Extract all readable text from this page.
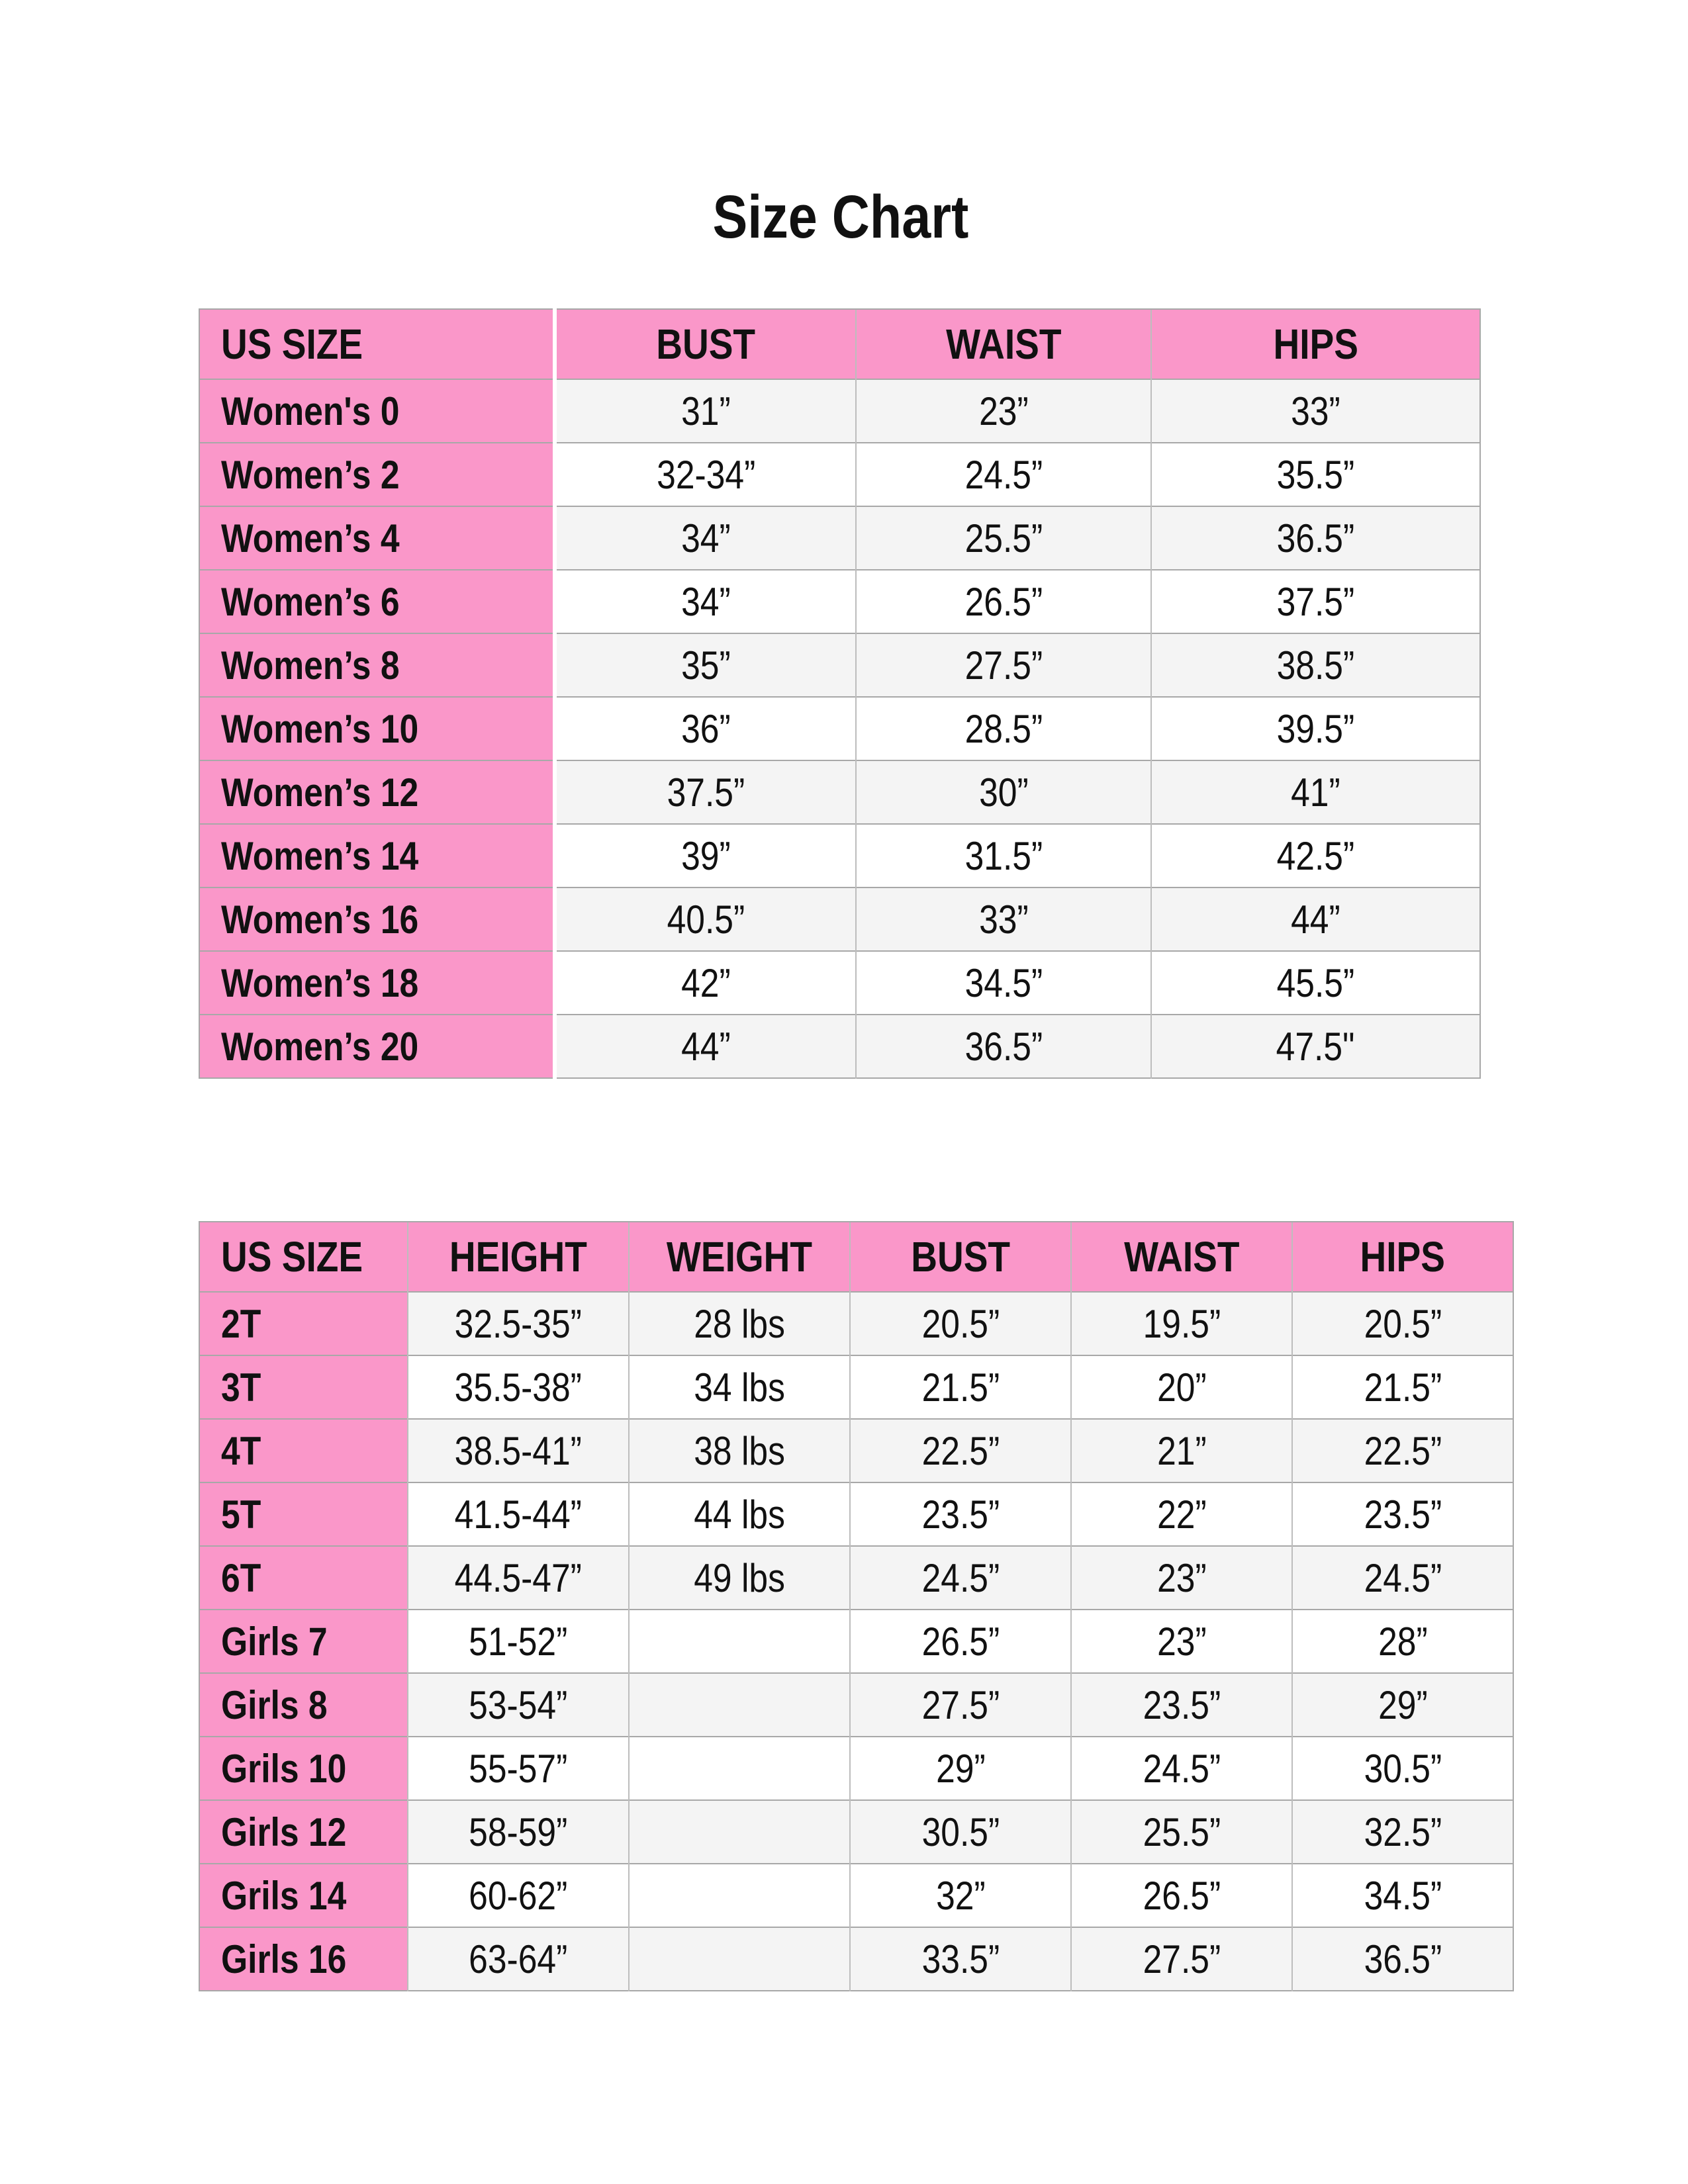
Size Chart
US SIZE	BUST	WAIST	HIPS
Women's 0	31”	23”	33”
Women’s 2	32-34”	24.5”	35.5”
Women’s 4	34”	25.5”	36.5”
Women’s 6	34”	26.5”	37.5”
Women’s 8	35”	27.5”	38.5”
Women’s 10	36”	28.5”	39.5”
Women’s 12	37.5”	30”	41”
Women’s 14	39”	31.5”	42.5”
Women’s 16	40.5”	33”	44”
Women’s 18	42”	34.5”	45.5”
Women’s 20	44”	36.5”	47.5"
US SIZE	HEIGHT	WEIGHT	BUST	WAIST	HIPS
2T	32.5-35”	28 lbs	20.5”	19.5”	20.5”
3T	35.5-38”	34 lbs	21.5”	20”	21.5”
4T	38.5-41”	38 lbs	22.5”	21”	22.5”
5T	41.5-44”	44 lbs	23.5”	22”	23.5”
6T	44.5-47”	49 lbs	24.5”	23”	24.5”
Girls 7	51-52”		26.5”	23”	28”
Girls 8	53-54”		27.5”	23.5”	29”
Grils 10	55-57”		29”	24.5”	30.5”
Girls 12	58-59”		30.5”	25.5”	32.5”
Grils 14	60-62”		32”	26.5”	34.5”
Girls 16	63-64”		33.5”	27.5”	36.5”
